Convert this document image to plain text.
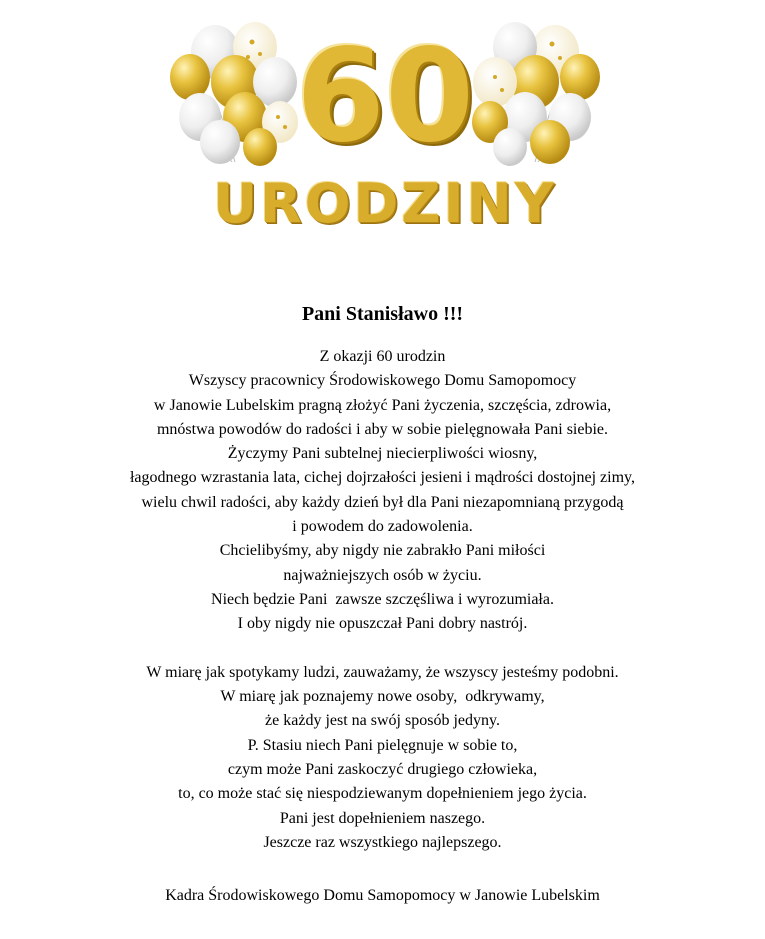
60
URODZINY
Pani Stanisławo !!!
Z okazji 60 urodzin
Wszyscy pracownicy Środowiskowego Domu Samopomocy
w Janowie Lubelskim pragną złożyć Pani życzenia, szczęścia, zdrowia,
mnóstwa powodów do radości i aby w sobie pielęgnowała Pani siebie.
Życzymy Pani subtelnej niecierpliwości wiosny,
łagodnego wzrastania lata, cichej dojrzałości jesieni i mądrości dostojnej zimy,
wielu chwil radości, aby każdy dzień był dla Pani niezapomnianą przygodą
i powodem do zadowolenia.
Chcielibyśmy, aby nigdy nie zabrakło Pani miłości
najważniejszych osób w życiu.
Niech będzie Pani  zawsze szczęśliwa i wyrozumiała.
I oby nigdy nie opuszczał Pani dobry nastrój.
W miarę jak spotykamy ludzi, zauważamy, że wszyscy jesteśmy podobni.
W miarę jak poznajemy nowe osoby,  odkrywamy,
że każdy jest na swój sposób jedyny.
P. Stasiu niech Pani pielęgnuje w sobie to,
czym może Pani zaskoczyć drugiego człowieka,
to, co może stać się niespodziewanym dopełnieniem jego życia.
Pani jest dopełnieniem naszego.
Jeszcze raz wszystkiego najlepszego.
Kadra Środowiskowego Domu Samopomocy w Janowie Lubelskim
